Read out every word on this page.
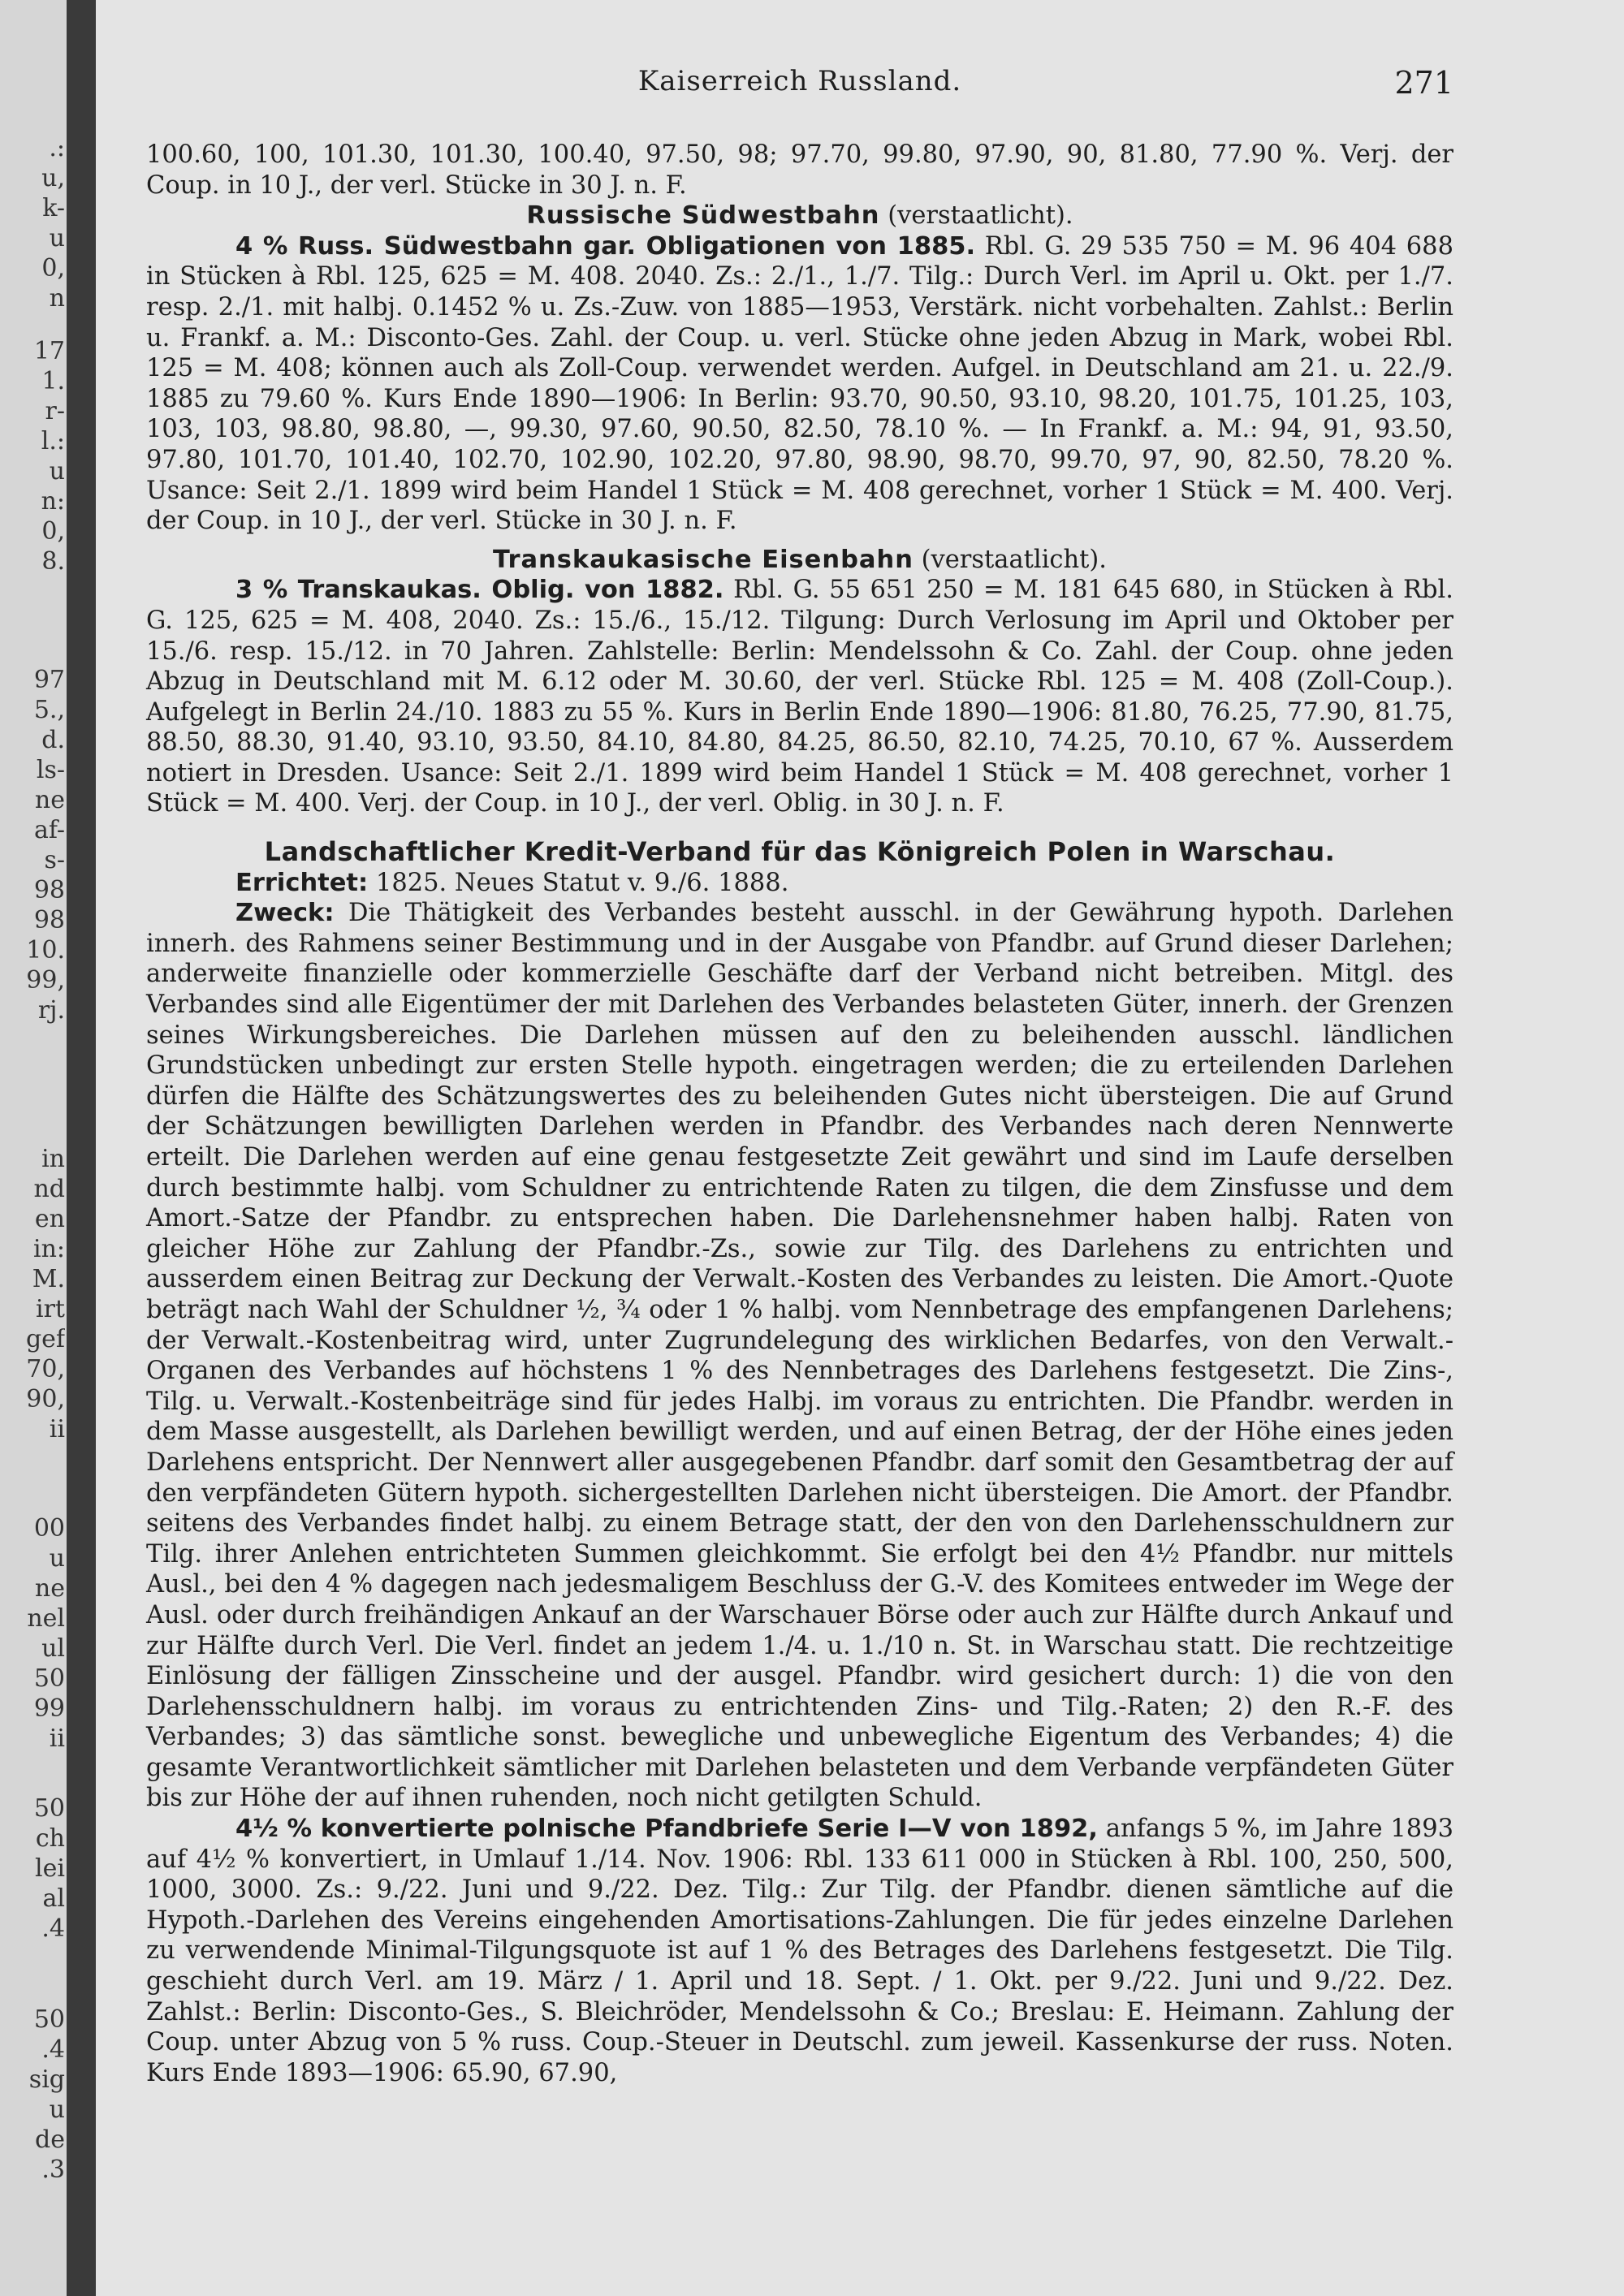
.:
u,
k-
u
0,
n
17
1.
r-
l.:
u
n:
0,
8.
97
5.,
d.
ls-
ne
af-
s-
98
98
10.
99,
rj.
in
nd
en
in:
M.
irt
gef
70,
90,
ii
00
u
ne
nel
ul
50
99
ii
50
ch
lei
al
.4
50
.4
sig
u
de
.3
Kaiserreich Russland.	271

100.60, 100, 101.30, 101.30, 100.40, 97.50, 98; 97.70, 99.80, 97.90, 90, 81.80, 77.90 %. Verj. der Coup. in 10 J., der verl. Stücke in 30 J. n. F.

Russische Südwestbahn (verstaatlicht).

4 % Russ. Südwestbahn gar. Obligationen von 1885. Rbl. G. 29 535 750 = M. 96 404 688 in Stücken à Rbl. 125, 625 = M. 408. 2040. Zs.: 2./1., 1./7. Tilg.: Durch Verl. im April u. Okt. per 1./7. resp. 2./1. mit halbj. 0.1452 % u. Zs.-Zuw. von 1885—1953, Verstärk. nicht vorbehalten. Zahlst.: Berlin u. Frankf. a. M.: Disconto-Ges. Zahl. der Coup. u. verl. Stücke ohne jeden Abzug in Mark, wobei Rbl. 125 = M. 408; können auch als Zoll-Coup. verwendet werden. Aufgel. in Deutschland am 21. u. 22./9. 1885 zu 79.60 %. Kurs Ende 1890—1906: In Berlin: 93.70, 90.50, 93.10, 98.20, 101.75, 101.25, 103, 103, 103, 98.80, 98.80, —, 99.30, 97.60, 90.50, 82.50, 78.10 %. — In Frankf. a. M.: 94, 91, 93.50, 97.80, 101.70, 101.40, 102.70, 102.90, 102.20, 97.80, 98.90, 98.70, 99.70, 97, 90, 82.50, 78.20 %. Usance: Seit 2./1. 1899 wird beim Handel 1 Stück = M. 408 gerechnet, vorher 1 Stück = M. 400. Verj. der Coup. in 10 J., der verl. Stücke in 30 J. n. F.

Transkaukasische Eisenbahn (verstaatlicht).

3 % Transkaukas. Oblig. von 1882. Rbl. G. 55 651 250 = M. 181 645 680, in Stücken à Rbl. G. 125, 625 = M. 408, 2040. Zs.: 15./6., 15./12. Tilgung: Durch Verlosung im April und Oktober per 15./6. resp. 15./12. in 70 Jahren. Zahlstelle: Berlin: Mendelssohn & Co. Zahl. der Coup. ohne jeden Abzug in Deutschland mit M. 6.12 oder M. 30.60, der verl. Stücke Rbl. 125 = M. 408 (Zoll-Coup.). Aufgelegt in Berlin 24./10. 1883 zu 55 %. Kurs in Berlin Ende 1890—1906: 81.80, 76.25, 77.90, 81.75, 88.50, 88.30, 91.40, 93.10, 93.50, 84.10, 84.80, 84.25, 86.50, 82.10, 74.25, 70.10, 67 %. Ausserdem notiert in Dresden. Usance: Seit 2./1. 1899 wird beim Handel 1 Stück = M. 408 gerechnet, vorher 1 Stück = M. 400. Verj. der Coup. in 10 J., der verl. Oblig. in 30 J. n. F.

Landschaftlicher Kredit-Verband für das Königreich Polen in Warschau.

Errichtet: 1825. Neues Statut v. 9./6. 1888.

Zweck: Die Thätigkeit des Verbandes besteht ausschl. in der Gewährung hypoth. Darlehen innerh. des Rahmens seiner Bestimmung und in der Ausgabe von Pfandbr. auf Grund dieser Darlehen; anderweite finanzielle oder kommerzielle Geschäfte darf der Verband nicht betreiben. Mitgl. des Verbandes sind alle Eigentümer der mit Darlehen des Verbandes belasteten Güter, innerh. der Grenzen seines Wirkungsbereiches. Die Darlehen müssen auf den zu beleihenden ausschl. ländlichen Grundstücken unbedingt zur ersten Stelle hypoth. eingetragen werden; die zu erteilenden Darlehen dürfen die Hälfte des Schätzungswertes des zu beleihenden Gutes nicht übersteigen. Die auf Grund der Schätzungen bewilligten Darlehen werden in Pfandbr. des Verbandes nach deren Nennwerte erteilt. Die Darlehen werden auf eine genau festgesetzte Zeit gewährt und sind im Laufe derselben durch bestimmte halbj. vom Schuldner zu entrichtende Raten zu tilgen, die dem Zinsfusse und dem Amort.-Satze der Pfandbr. zu entsprechen haben. Die Darlehensnehmer haben halbj. Raten von gleicher Höhe zur Zahlung der Pfandbr.-Zs., sowie zur Tilg. des Darlehens zu entrichten und ausserdem einen Beitrag zur Deckung der Verwalt.-Kosten des Verbandes zu leisten. Die Amort.-Quote beträgt nach Wahl der Schuldner ½, ¾ oder 1 % halbj. vom Nennbetrage des empfangenen Darlehens; der Verwalt.-Kostenbeitrag wird, unter Zugrundelegung des wirklichen Bedarfes, von den Verwalt.-Organen des Verbandes auf höchstens 1 % des Nennbetrages des Darlehens festgesetzt. Die Zins-, Tilg. u. Verwalt.-Kostenbeiträge sind für jedes Halbj. im voraus zu entrichten. Die Pfandbr. werden in dem Masse ausgestellt, als Darlehen bewilligt werden, und auf einen Betrag, der der Höhe eines jeden Darlehens entspricht. Der Nennwert aller ausgegebenen Pfandbr. darf somit den Gesamtbetrag der auf den verpfändeten Gütern hypoth. sichergestellten Darlehen nicht übersteigen. Die Amort. der Pfandbr. seitens des Verbandes findet halbj. zu einem Betrage statt, der den von den Darlehensschuldnern zur Tilg. ihrer Anlehen entrichteten Summen gleichkommt. Sie erfolgt bei den 4½ Pfandbr. nur mittels Ausl., bei den 4 % dagegen nach jedesmaligem Beschluss der G.-V. des Komitees entweder im Wege der Ausl. oder durch freihändigen Ankauf an der Warschauer Börse oder auch zur Hälfte durch Ankauf und zur Hälfte durch Verl. Die Verl. findet an jedem 1./4. u. 1./10 n. St. in Warschau statt. Die rechtzeitige Einlösung der fälligen Zinsscheine und der ausgel. Pfandbr. wird gesichert durch: 1) die von den Darlehensschuldnern halbj. im voraus zu entrichtenden Zins- und Tilg.-Raten; 2) den R.-F. des Verbandes; 3) das sämtliche sonst. bewegliche und unbewegliche Eigentum des Verbandes; 4) die gesamte Verantwortlichkeit sämtlicher mit Darlehen belasteten und dem Verbande verpfändeten Güter bis zur Höhe der auf ihnen ruhenden, noch nicht getilgten Schuld.

4½ % konvertierte polnische Pfandbriefe Serie I—V von 1892, anfangs 5 %, im Jahre 1893 auf 4½ % konvertiert, in Umlauf 1./14. Nov. 1906: Rbl. 133 611 000 in Stücken à Rbl. 100, 250, 500, 1000, 3000. Zs.: 9./22. Juni und 9./22. Dez. Tilg.: Zur Tilg. der Pfandbr. dienen sämtliche auf die Hypoth.-Darlehen des Vereins eingehenden Amortisations-Zahlungen. Die für jedes einzelne Darlehen zu verwendende Minimal-Tilgungsquote ist auf 1 % des Betrages des Darlehens festgesetzt. Die Tilg. geschieht durch Verl. am 19. März / 1. April und 18. Sept. / 1. Okt. per 9./22. Juni und 9./22. Dez. Zahlst.: Berlin: Disconto-Ges., S. Bleichröder, Mendelssohn & Co.; Breslau: E. Heimann. Zahlung der Coup. unter Abzug von 5 % russ. Coup.-Steuer in Deutschl. zum jeweil. Kassenkurse der russ. Noten. Kurs Ende 1893—1906: 65.90, 67.90,
